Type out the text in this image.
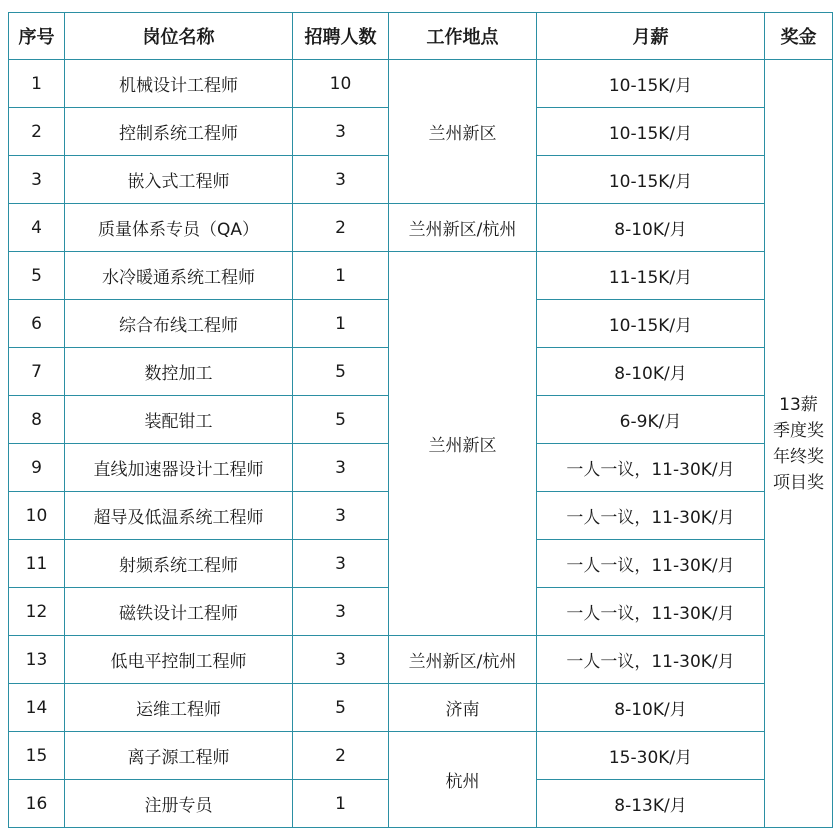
序号	岗位名称	招聘人数	工作地点	月薪	奖金
1	机械设计工程师	10	兰州新区	10-15K/月	13薪
季度奖
年终奖
项目奖

2	控制系统工程师	3		10-15K/月	
3	嵌入式工程师	3		10-15K/月	
4	质量体系专员（QA）	2	兰州新区/杭州	8-10K/月	
5	水冷暖通系统工程师	1	兰州新区	11-15K/月	
6	综合布线工程师	1		10-15K/月	
7	数控加工	5		8-10K/月	
8	装配钳工	5		6-9K/月	
9	直线加速器设计工程师	3		一人一议，11-30K/月	
10	超导及低温系统工程师	3		一人一议，11-30K/月	
11	射频系统工程师	3		一人一议，11-30K/月	
12	磁铁设计工程师	3		一人一议，11-30K/月	
13	低电平控制工程师	3	兰州新区/杭州	一人一议，11-30K/月	
14	运维工程师	5	济南	8-10K/月	
15	离子源工程师	2	杭州	15-30K/月	
16	注册专员	1		8-13K/月	
